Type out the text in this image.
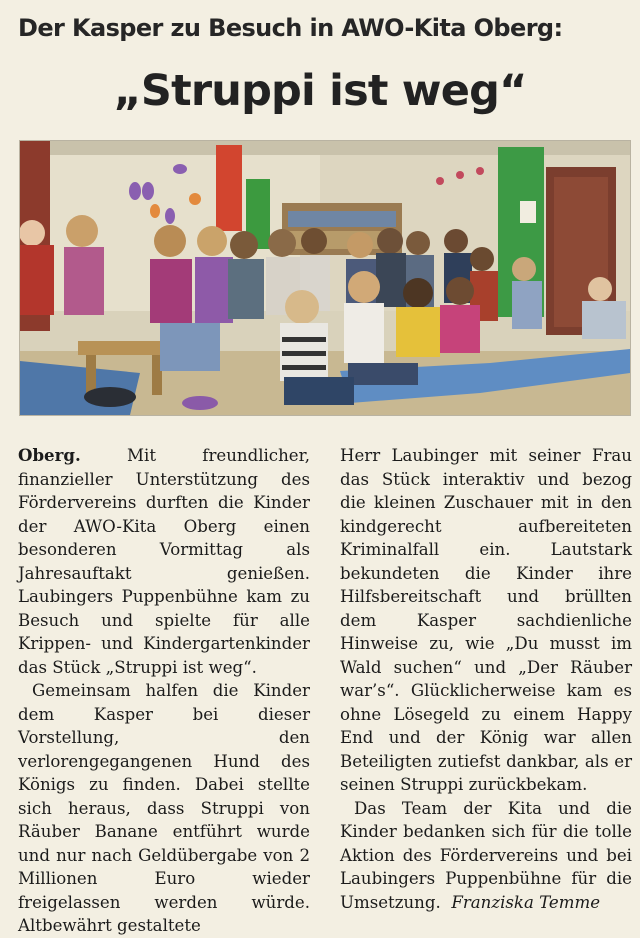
Der Kasper zu Besuch in AWO-Kita Oberg:
„Struppi ist weg“

Oberg.	Mit freundlicher, finanzieller Unterstützung des Fördervereins durften die Kinder der AWO-Kita Oberg einen besonderen Vormittag als Jahresauftakt genießen. Laubingers Puppenbühne kam zu Besuch und spielte für alle Krippen- und Kindergartenkinder das Stück „Struppi ist weg“.

Gemeinsam halfen die Kinder dem Kasper bei dieser Vorstellung, den verlorengegangenen Hund des Königs zu finden. Dabei stellte sich heraus, dass Struppi von Räuber Banane entführt wurde und nur nach Geldübergabe von 2 Millionen Euro wieder freigelassen werden würde. Altbewährt gestaltete

Herr Laubinger mit seiner Frau das Stück interaktiv und bezog die kleinen Zuschauer mit in den kindgerecht aufbereiteten Kriminalfall ein. Lautstark bekundeten die Kinder ihre Hilfsbereitschaft und brüllten dem Kasper sachdienliche Hinweise zu, wie „Du musst im Wald suchen“ und „Der Räuber war’s“. Glücklicherweise kam es ohne Lösegeld zu einem Happy End und der König war allen Beteiligten zutiefst dankbar, als er seinen Struppi zurückbekam.

Das Team der Kita und die Kinder bedanken sich für die tolle Aktion des Fördervereins und bei Laubingers Puppenbühne für die Umsetzung. Franziska Temme
